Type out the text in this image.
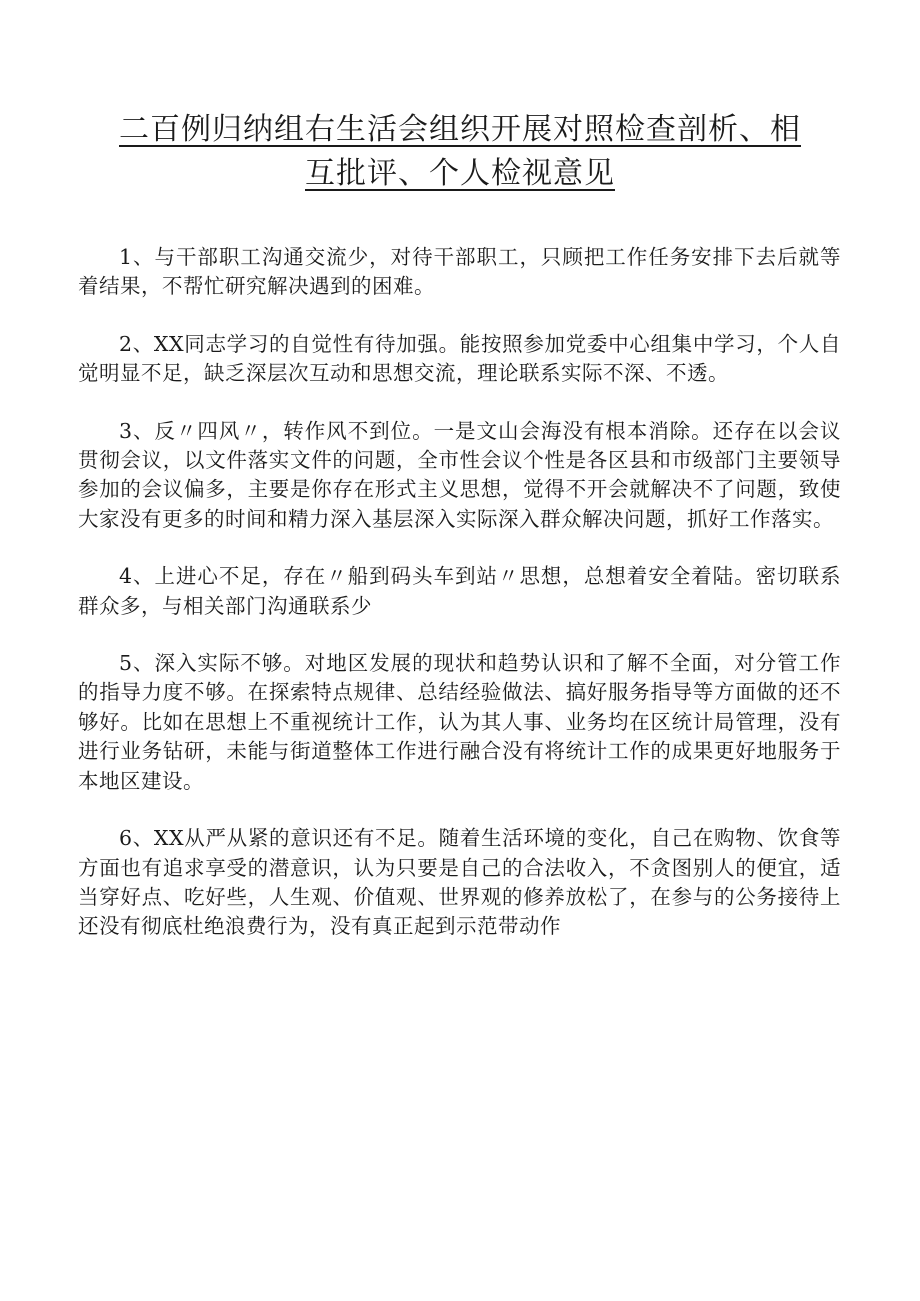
二百例归纳组右生活会组织开展对照检查剖析、相
互批评、个人检视意见

1、与干部职工沟通交流少，对待干部职工，只顾把工作任务安排下去后就等着结果，不帮忙研究解决遇到的困难。

2、XX同志学习的自觉性有待加强。能按照参加党委中心组集中学习，个人自觉明显不足，缺乏深层次互动和思想交流，理论联系实际不深、不透。

3、反〃四风〃，转作风不到位。一是文山会海没有根本消除。还存在以会议贯彻会议，以文件落实文件的问题，全市性会议个性是各区县和市级部门主要领导参加的会议偏多，主要是你存在形式主义思想，觉得不开会就解决不了问题，致使大家没有更多的时间和精力深入基层深入实际深入群众解决问题，抓好工作落实。

4、上进心不足，存在〃船到码头车到站〃思想，总想着安全着陆。密切联系群众多，与相关部门沟通联系少

5、深入实际不够。对地区发展的现状和趋势认识和了解不全面，对分管工作的指导力度不够。在探索特点规律、总结经验做法、搞好服务指导等方面做的还不够好。比如在思想上不重视统计工作，认为其人事、业务均在区统计局管理，没有进行业务钻研，未能与街道整体工作进行融合没有将统计工作的成果更好地服务于本地区建设。

6、XX从严从紧的意识还有不足。随着生活环境的变化，自己在购物、饮食等方面也有追求享受的潜意识，认为只要是自己的合法收入，不贪图别人的便宜，适当穿好点、吃好些，人生观、价值观、世界观的修养放松了，在参与的公务接待上还没有彻底杜绝浪费行为，没有真正起到示范带动作
